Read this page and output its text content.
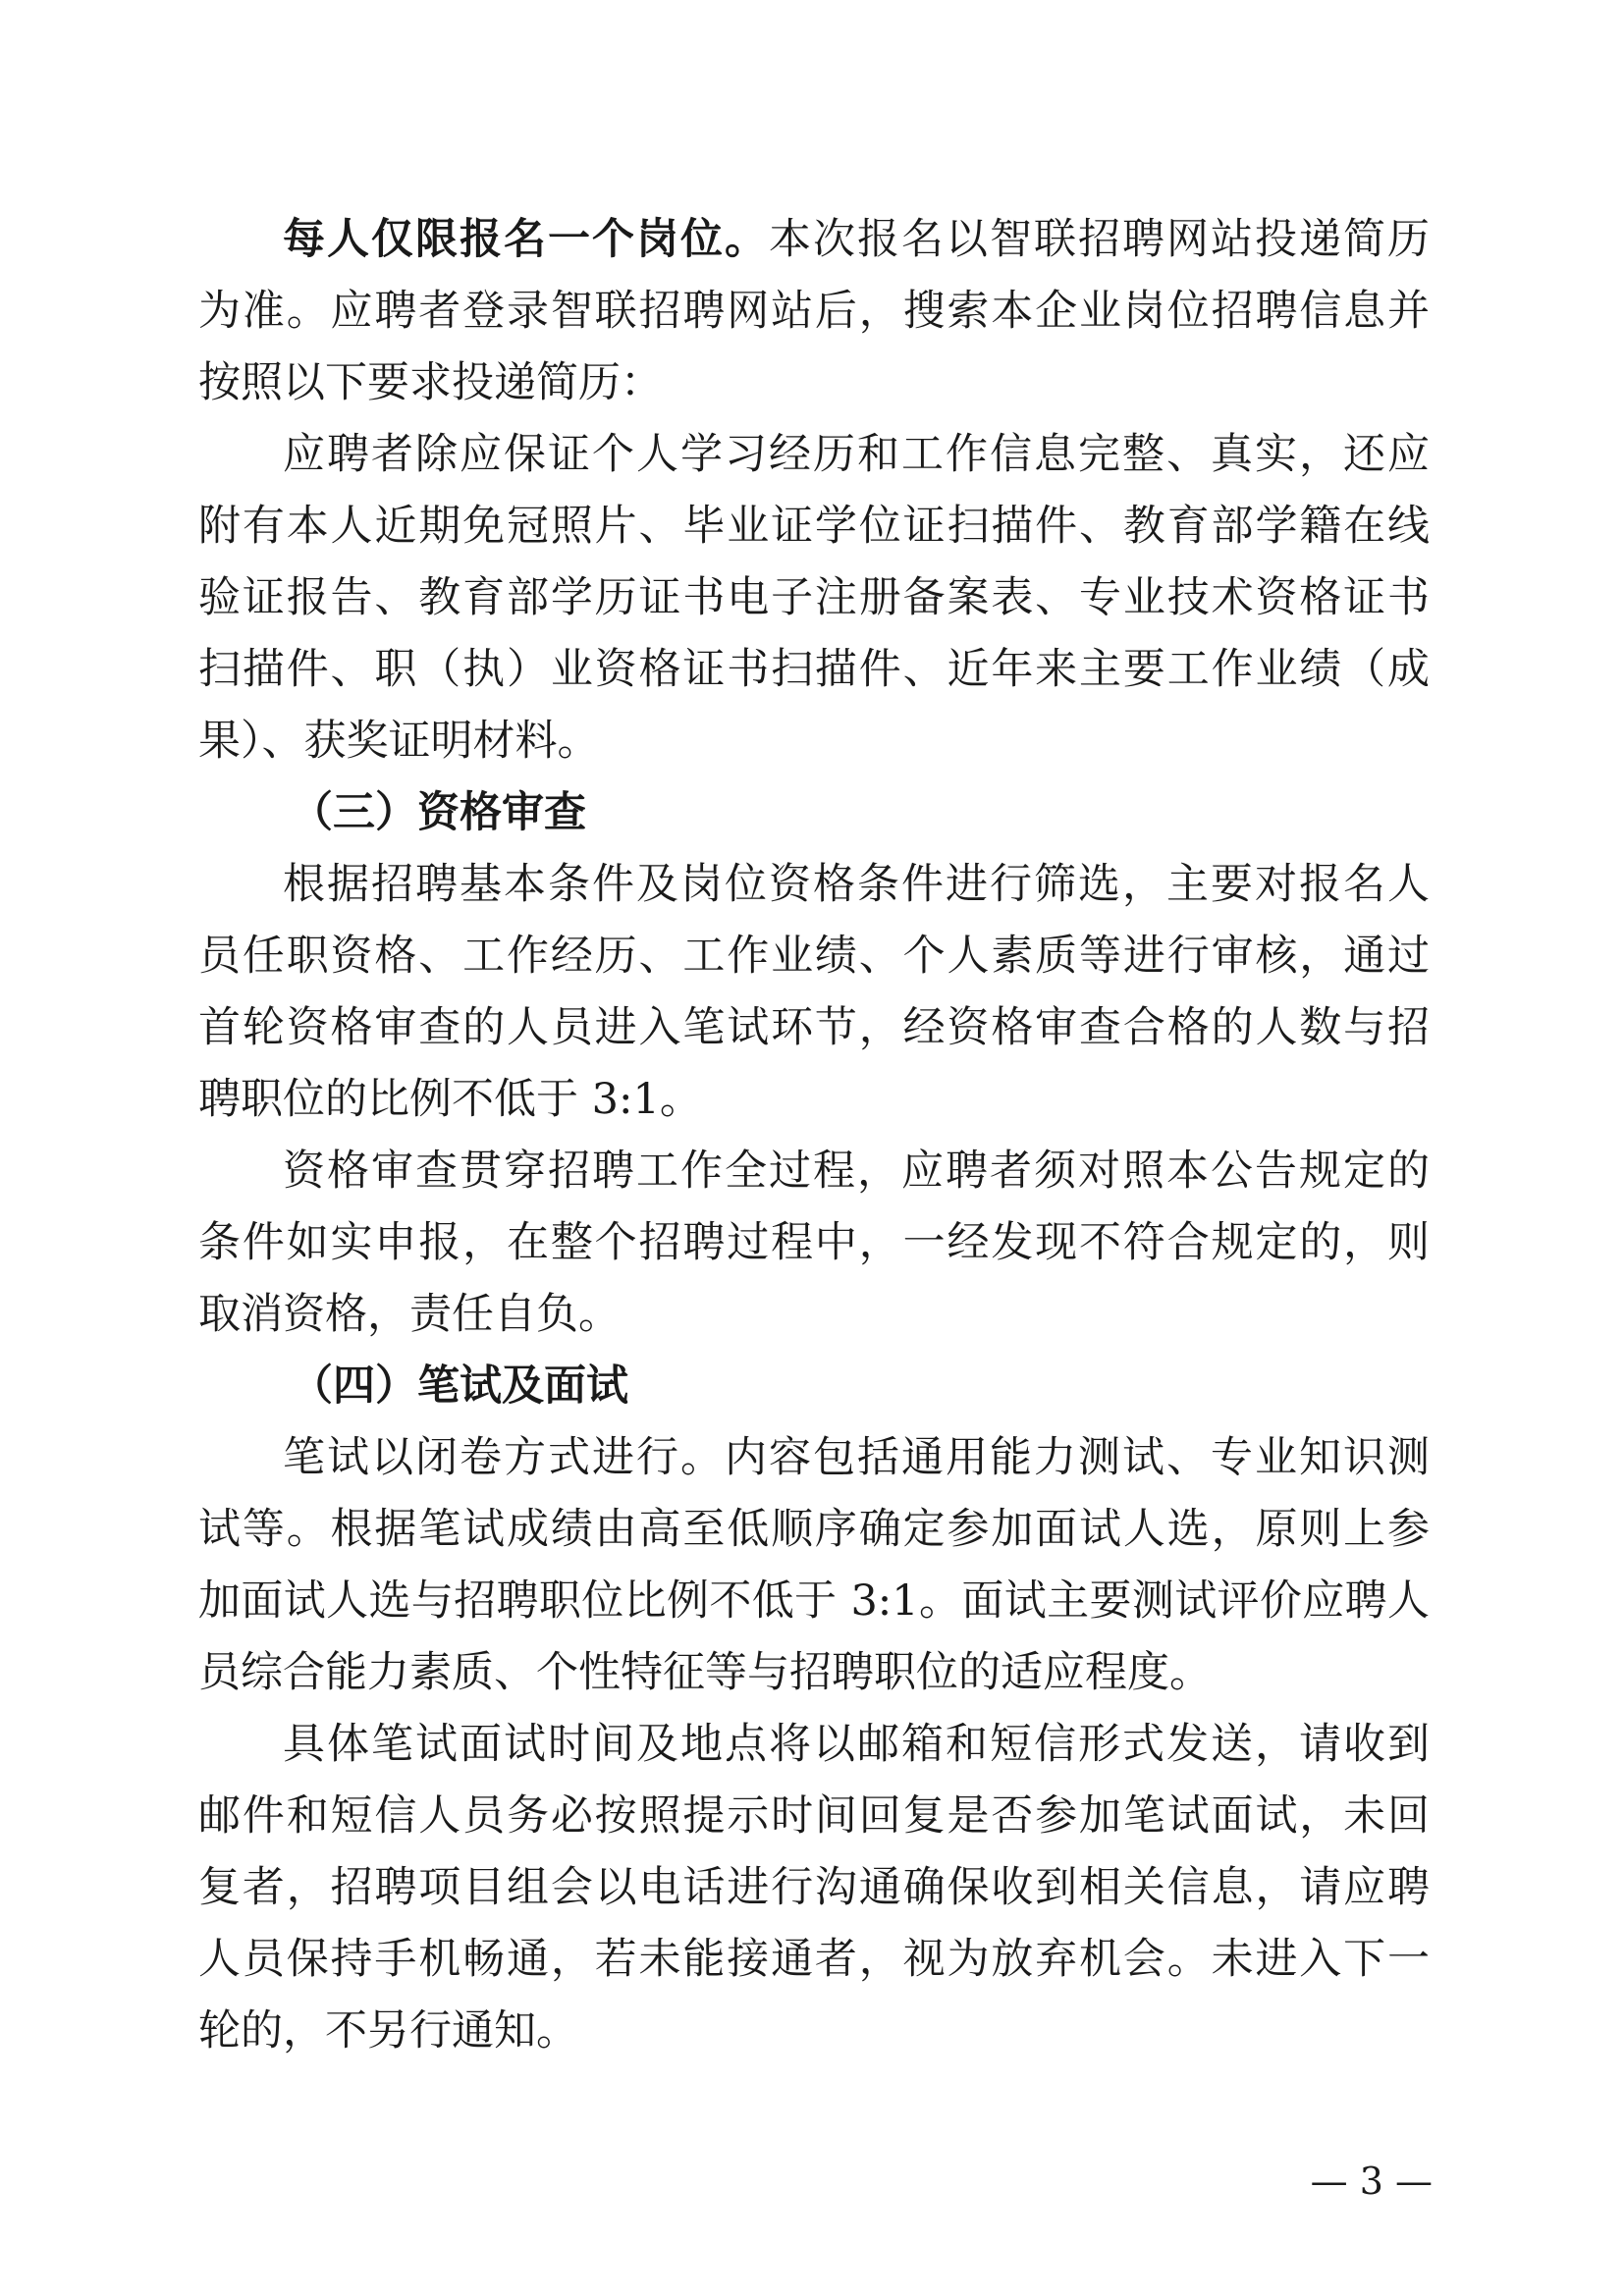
每人仅限报名一个岗位。本次报名以智联招聘网站投递简历
为准。应聘者登录智联招聘网站后，搜索本企业岗位招聘信息并
按照以下要求投递简历：
应聘者除应保证个人学习经历和工作信息完整、真实，还应
附有本人近期免冠照片、毕业证学位证扫描件、教育部学籍在线
验证报告、教育部学历证书电子注册备案表、专业技术资格证书
扫描件、职（执）业资格证书扫描件、近年来主要工作业绩（成
果）、获奖证明材料。
（三）资格审查
根据招聘基本条件及岗位资格条件进行筛选，主要对报名人
员任职资格、工作经历、工作业绩、个人素质等进行审核，通过
首轮资格审查的人员进入笔试环节，经资格审查合格的人数与招
聘职位的比例不低于 3:1。
资格审查贯穿招聘工作全过程，应聘者须对照本公告规定的
条件如实申报，在整个招聘过程中，一经发现不符合规定的，则
取消资格，责任自负。
（四）笔试及面试
笔试以闭卷方式进行。内容包括通用能力测试、专业知识测
试等。根据笔试成绩由高至低顺序确定参加面试人选，原则上参
加面试人选与招聘职位比例不低于 3:1。面试主要测试评价应聘人
员综合能力素质、个性特征等与招聘职位的适应程度。
具体笔试面试时间及地点将以邮箱和短信形式发送，请收到
邮件和短信人员务必按照提示时间回复是否参加笔试面试，未回
复者，招聘项目组会以电话进行沟通确保收到相关信息，请应聘
人员保持手机畅通，若未能接通者，视为放弃机会。未进入下一
轮的，不另行通知。
— 3 —
